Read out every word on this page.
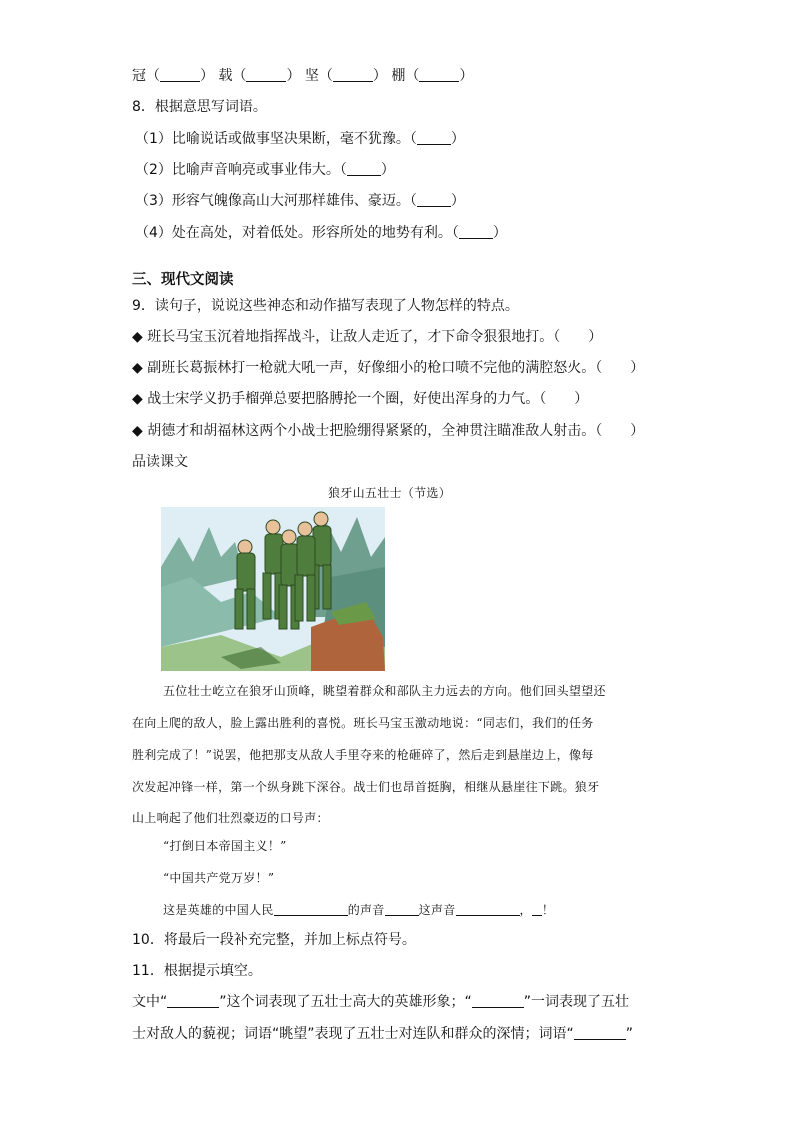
冠（	） 载（	） 坚（	） 棚（	）
8．根据意思写词语。
（1）比喻说话或做事坚决果断，毫不犹豫。（ ）
（2）比喻声音响亮或事业伟大。（ ）
（3）形容气魄像高山大河那样雄伟、豪迈。（ ）
（4）处在高处，对着低处。形容所处的地势有利。（ ）
三、现代文阅读
9．读句子，说说这些神态和动作描写表现了人物怎样的特点。
◆ 班长马宝玉沉着地指挥战斗，让敌人走近了，才下命令狠狠地打。（　　）
◆ 副班长葛振林打一枪就大吼一声，好像细小的枪口喷不完他的满腔怒火。（　　）
◆ 战士宋学义扔手榴弹总要把胳膊抡一个圈，好使出浑身的力气。（　　）
◆ 胡德才和胡福林这两个小战士把脸绷得紧紧的，全神贯注瞄准敌人射击。（　　）
品读课文
狼牙山五壮士（节选）
五位壮士屹立在狼牙山顶峰，眺望着群众和部队主力远去的方向。他们回头望望还
在向上爬的敌人，脸上露出胜利的喜悦。班长马宝玉激动地说：“同志们，我们的任务
胜利完成了！”说罢，他把那支从敌人手里夺来的枪砸碎了，然后走到悬崖边上，像每
次发起冲锋一样，第一个纵身跳下深谷。战士们也昂首挺胸，相继从悬崖往下跳。狼牙
山上响起了他们壮烈豪迈的口号声：
“打倒日本帝国主义！”
“中国共产党万岁！”
这是英雄的中国人民	的声音	这声音	， ！
10．将最后一段补充完整，并加上标点符号。
11．根据提示填空。
文中“	”这个词表现了五壮士高大的英雄形象；“	”一词表现了五壮
士对敌人的藐视；词语“眺望”表现了五壮士对连队和群众的深情；词语“	”
